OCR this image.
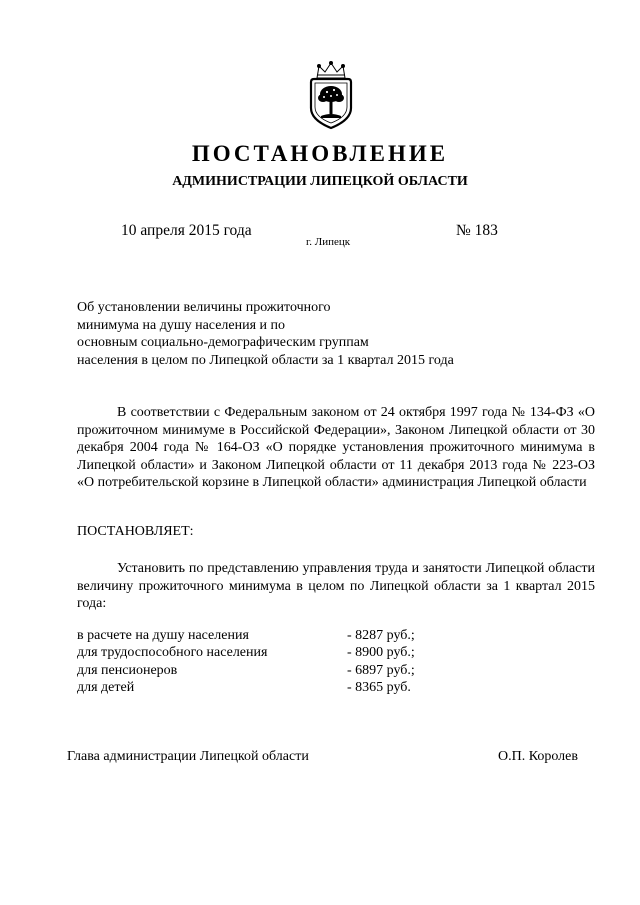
ПОСТАНОВЛЕНИЕ
АДМИНИСТРАЦИИ ЛИПЕЦКОЙ ОБЛАСТИ
10 апреля 2015 года
г. Липецк
№ 183
Об установлении величины прожиточного
минимума на душу населения и по
основным социально-демографическим группам
населения в целом по Липецкой области за 1 квартал 2015 года
В соответствии с Федеральным законом от 24 октября 1997 года № 134-ФЗ «О прожиточном минимуме в Российской Федерации», Законом Липецкой области от 30 декабря 2004 года № 164-ОЗ «О порядке установления прожиточного минимума в Липецкой области» и Законом Липецкой области от 11 декабря 2013 года № 223-ОЗ «О потребительской корзине в Липецкой области» администрация Липецкой области
ПОСТАНОВЛЯЕТ:
Установить по представлению управления труда и занятости Липецкой области величину прожиточного минимума в целом по Липецкой области за 1 квартал 2015 года:
в расчете на душу населения	- 8287 руб.;
для трудоспособного населения	- 8900 руб.;
для пенсионеров	- 6897 руб.;
для детей	- 8365 руб.
Глава администрации Липецкой области	О.П. Королев
